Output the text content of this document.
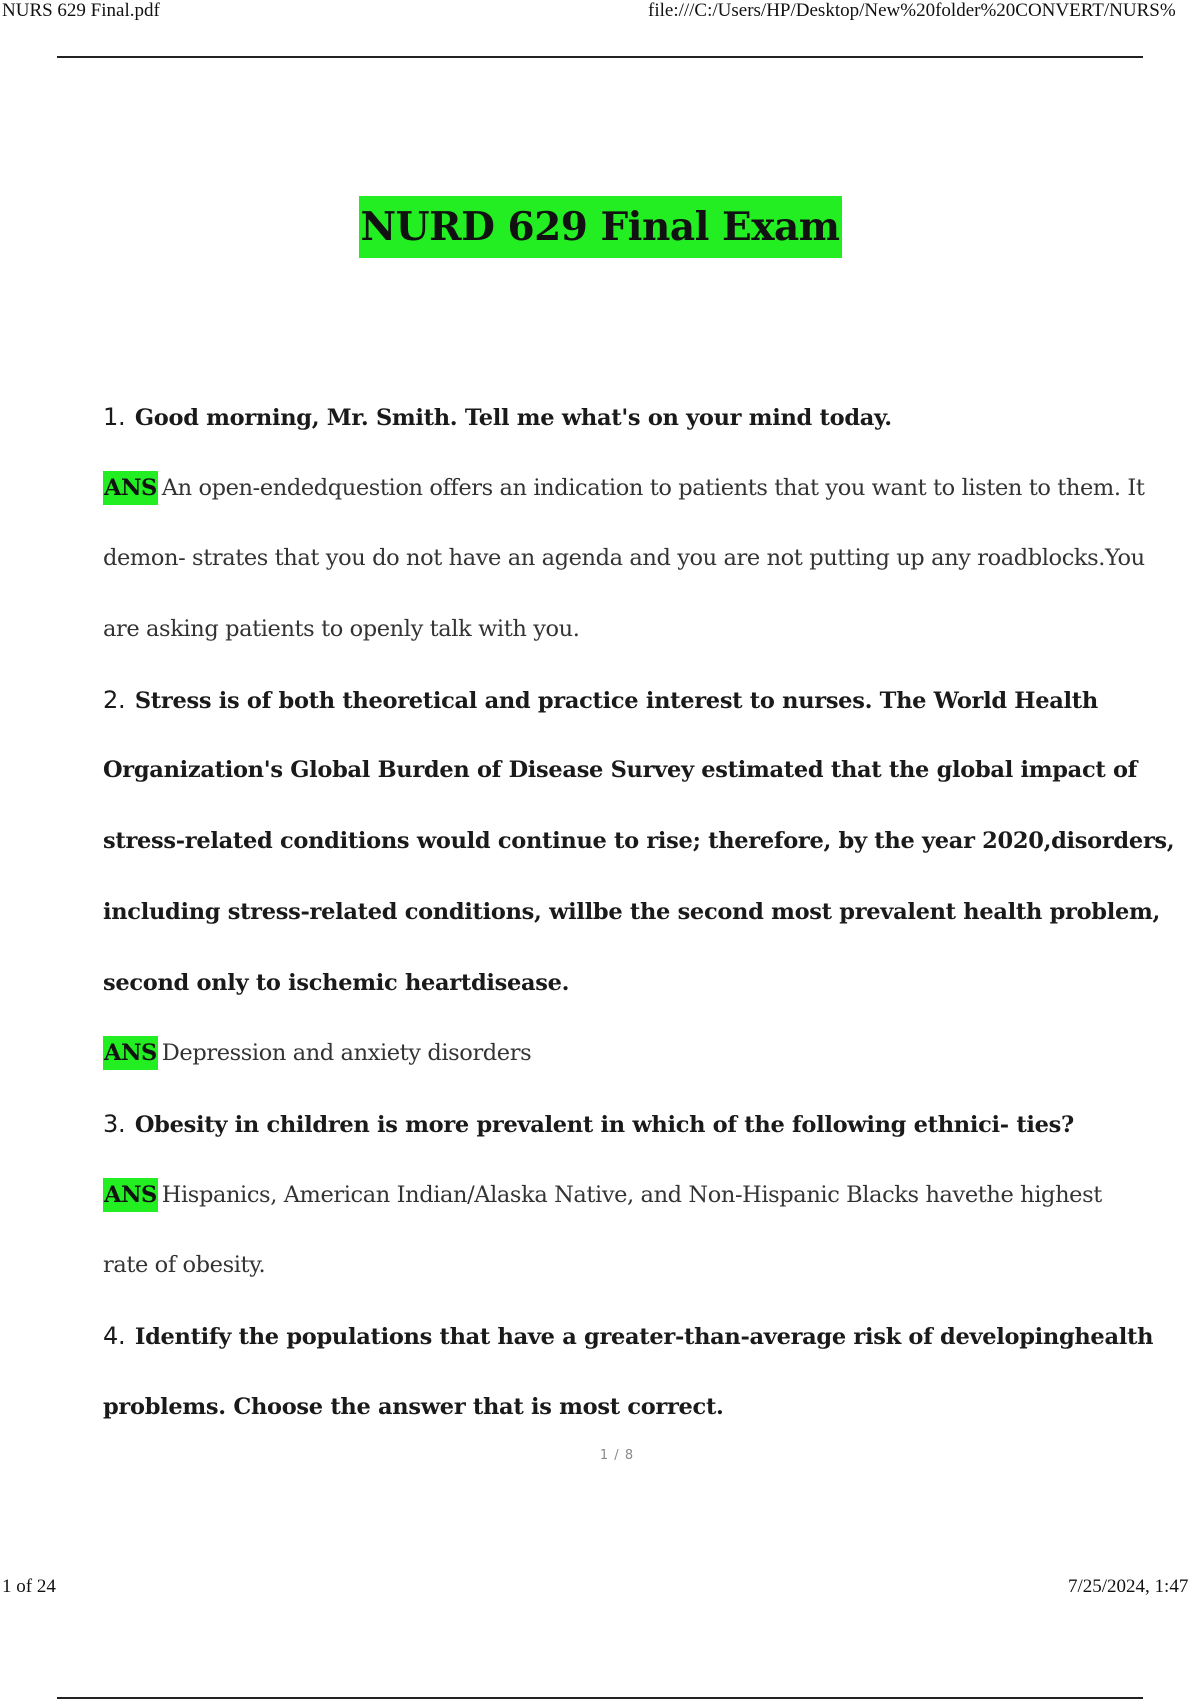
NURS 629 Final.pdf	file:///C:/Users/HP/Desktop/New%20folder%20CONVERT/NURS%
NURD 629 Final Exam
1. Good morning, Mr. Smith. Tell me what's on your mind today.
ANS An open-endedquestion offers an indication to patients that you want to listen to them. It
demon- strates that you do not have an agenda and you are not putting up any roadblocks.You
are asking patients to openly talk with you.
2. Stress is of both theoretical and practice interest to nurses. The World Health
Organization's Global Burden of Disease Survey estimated that the global impact of
stress-related conditions would continue to rise; therefore, by the year 2020,disorders,
including stress-related conditions, willbe the second most prevalent health problem,
second only to ischemic heartdisease.
ANS Depression and anxiety disorders
3. Obesity in children is more prevalent in which of the following ethnici- ties?
ANS Hispanics, American Indian/Alaska Native, and Non-Hispanic Blacks havethe highest
rate of obesity.
4. Identify the populations that have a greater-than-average risk of developinghealth
problems. Choose the answer that is most correct.
1 / 8
1 of 24	7/25/2024, 1:47
